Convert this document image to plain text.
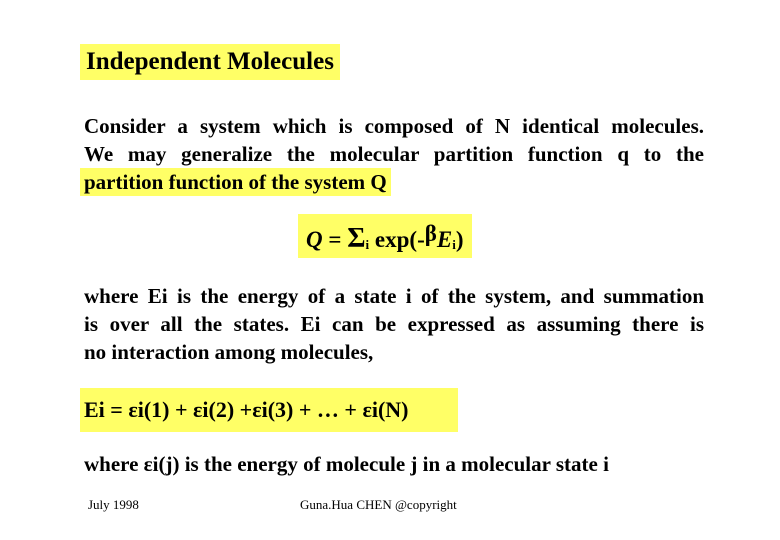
Independent Molecules
Consider a system which is composed of N identical molecules.
We may generalize the molecular partition function q to the
partition function of the system Q
$Q = \Sigma_i$ $\exp(-\beta E_i)$
where Ei is the energy of a state i of the system, and summation
is over all the states. Ei can be expressed as assuming there is
no interaction among molecules,
Ei = εi(1) + εi(2) +εi(3) + … + εi(N)
where εi(j) is the energy of molecule j in a molecular state i
July 1998	Guna.Hua CHEN @copyright
